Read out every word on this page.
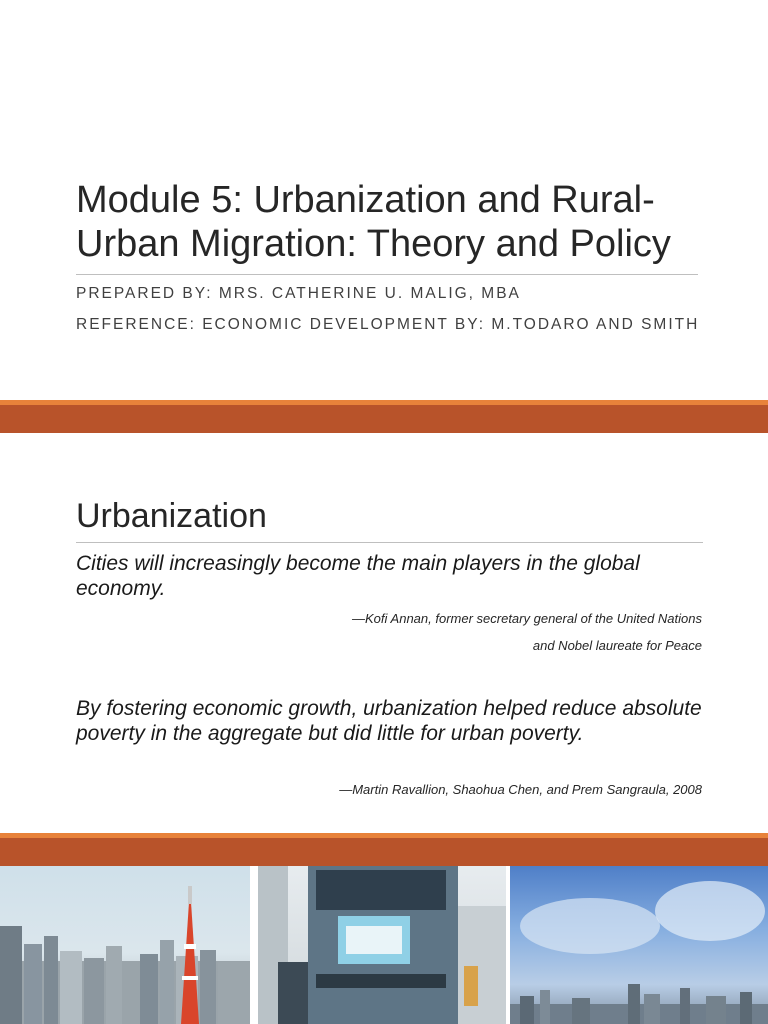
Module 5: Urbanization and Rural-Urban Migration: Theory and Policy
PREPARED BY: MRS. CATHERINE U. MALIG, MBA
REFERENCE: ECONOMIC DEVELOPMENT BY: M.TODARO AND SMITH
Urbanization

Cities will increasingly become the main players in the global economy.

—Kofi Annan, former secretary general of the United Nations
and Nobel laureate for Peace

By fostering economic growth, urbanization helped reduce absolute poverty in the aggregate but did little for urban poverty.

—Martin Ravallion, Shaohua Chen, and Prem Sangraula, 2008
